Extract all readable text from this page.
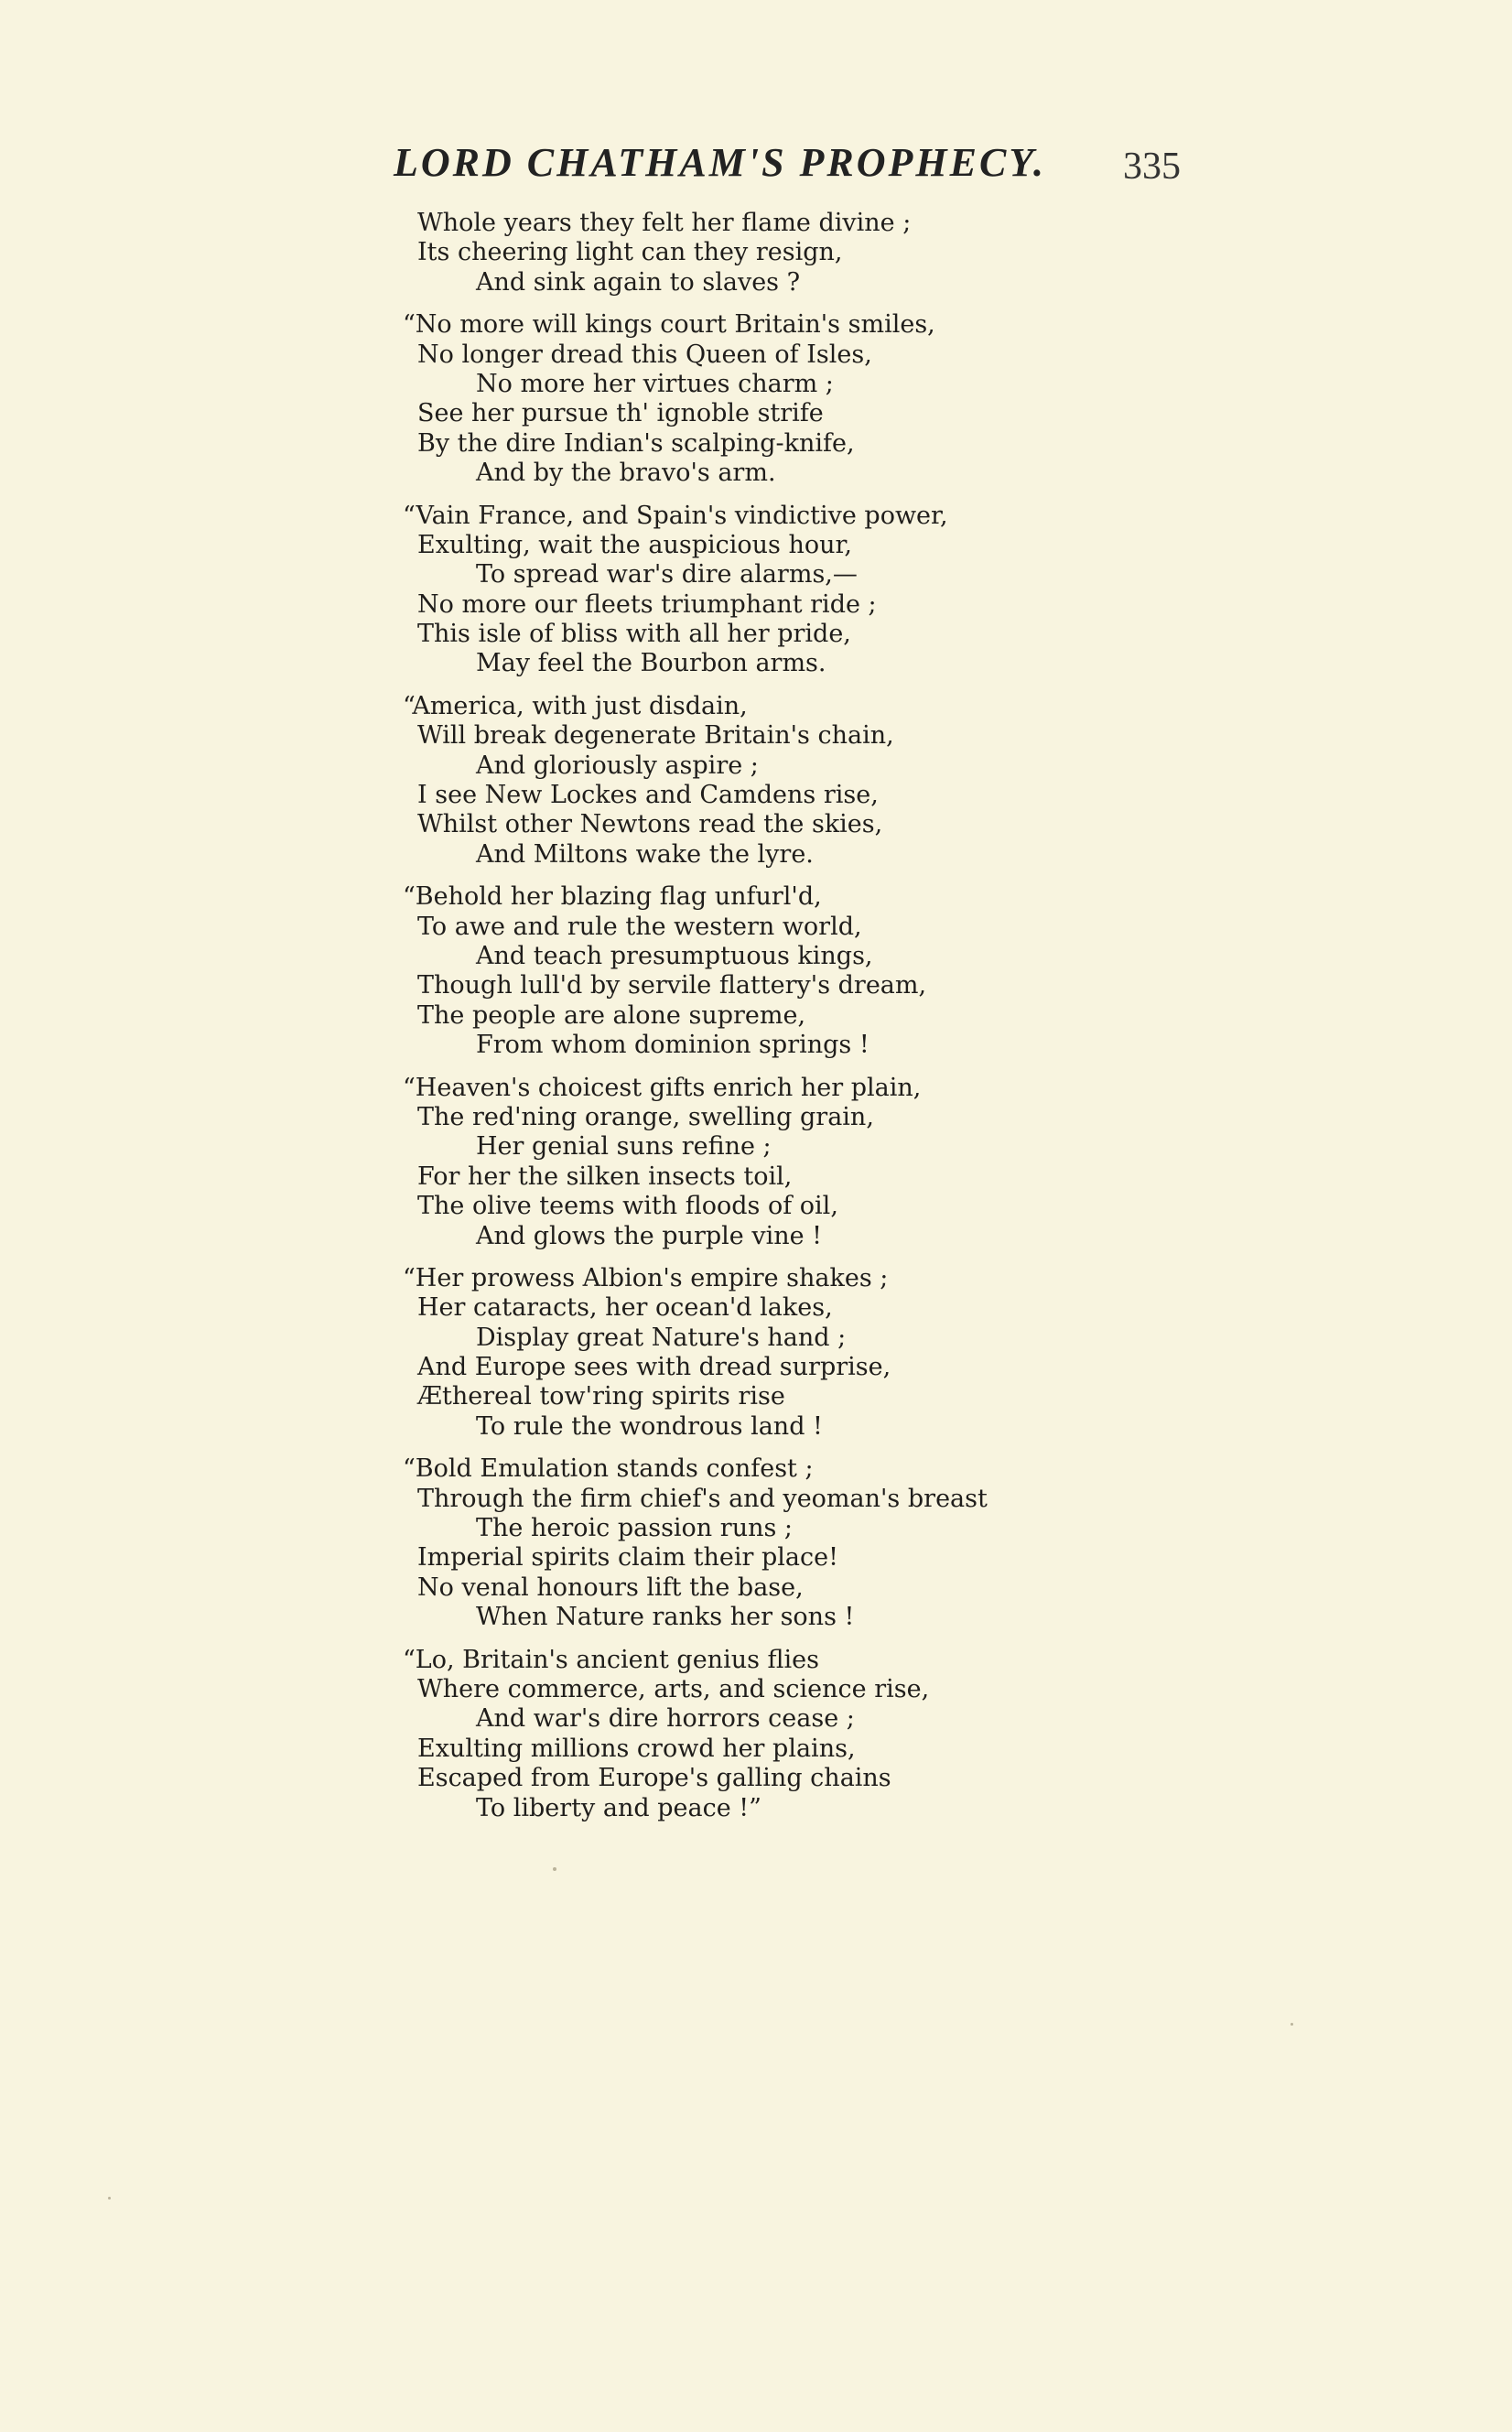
LORD CHATHAM'S PROPHECY. 335
Whole years they felt her flame divine ;
Its cheering light can they resign,
And sink again to slaves ?
“No more will kings court Britain's smiles,
No longer dread this Queen of Isles,
No more her virtues charm ;
See her pursue th' ignoble strife
By the dire Indian's scalping-knife,
And by the bravo's arm.
“Vain France, and Spain's vindictive power,
Exulting, wait the auspicious hour,
To spread war's dire alarms,—
No more our fleets triumphant ride ;
This isle of bliss with all her pride,
May feel the Bourbon arms.
“America, with just disdain,
Will break degenerate Britain's chain,
And gloriously aspire ;
I see New Lockes and Camdens rise,
Whilst other Newtons read the skies,
And Miltons wake the lyre.
“Behold her blazing flag unfurl'd,
To awe and rule the western world,
And teach presumptuous kings,
Though lull'd by servile flattery's dream,
The people are alone supreme,
From whom dominion springs !
“Heaven's choicest gifts enrich her plain,
The red'ning orange, swelling grain,
Her genial suns refine ;
For her the silken insects toil,
The olive teems with floods of oil,
And glows the purple vine !
“Her prowess Albion's empire shakes ;
Her cataracts, her ocean'd lakes,
Display great Nature's hand ;
And Europe sees with dread surprise,
Æthereal tow'ring spirits rise
To rule the wondrous land !
“Bold Emulation stands confest ;
Through the firm chief's and yeoman's breast
The heroic passion runs ;
Imperial spirits claim their place!
No venal honours lift the base,
When Nature ranks her sons !
“Lo, Britain's ancient genius flies
Where commerce, arts, and science rise,
And war's dire horrors cease ;
Exulting millions crowd her plains,
Escaped from Europe's galling chains
To liberty and peace !”
